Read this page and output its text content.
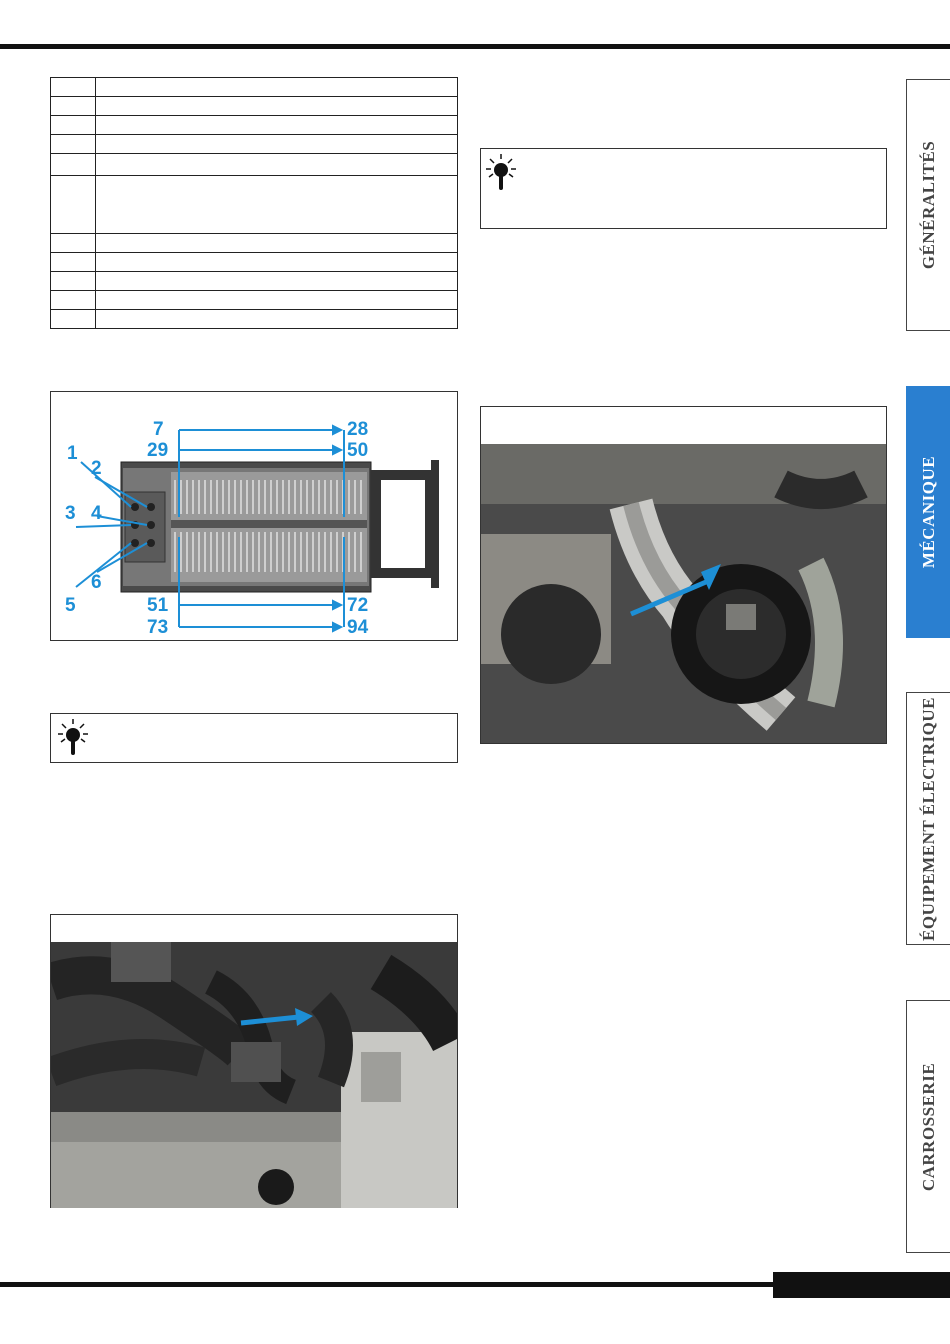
1
2
3 4
5
6
7
29
51
73
28
50
72
94
GÉNÉRALITÉS
MÉCANIQUE
ÉQUIPEMENT ÉLECTRIQUE
CARROSSERIE
